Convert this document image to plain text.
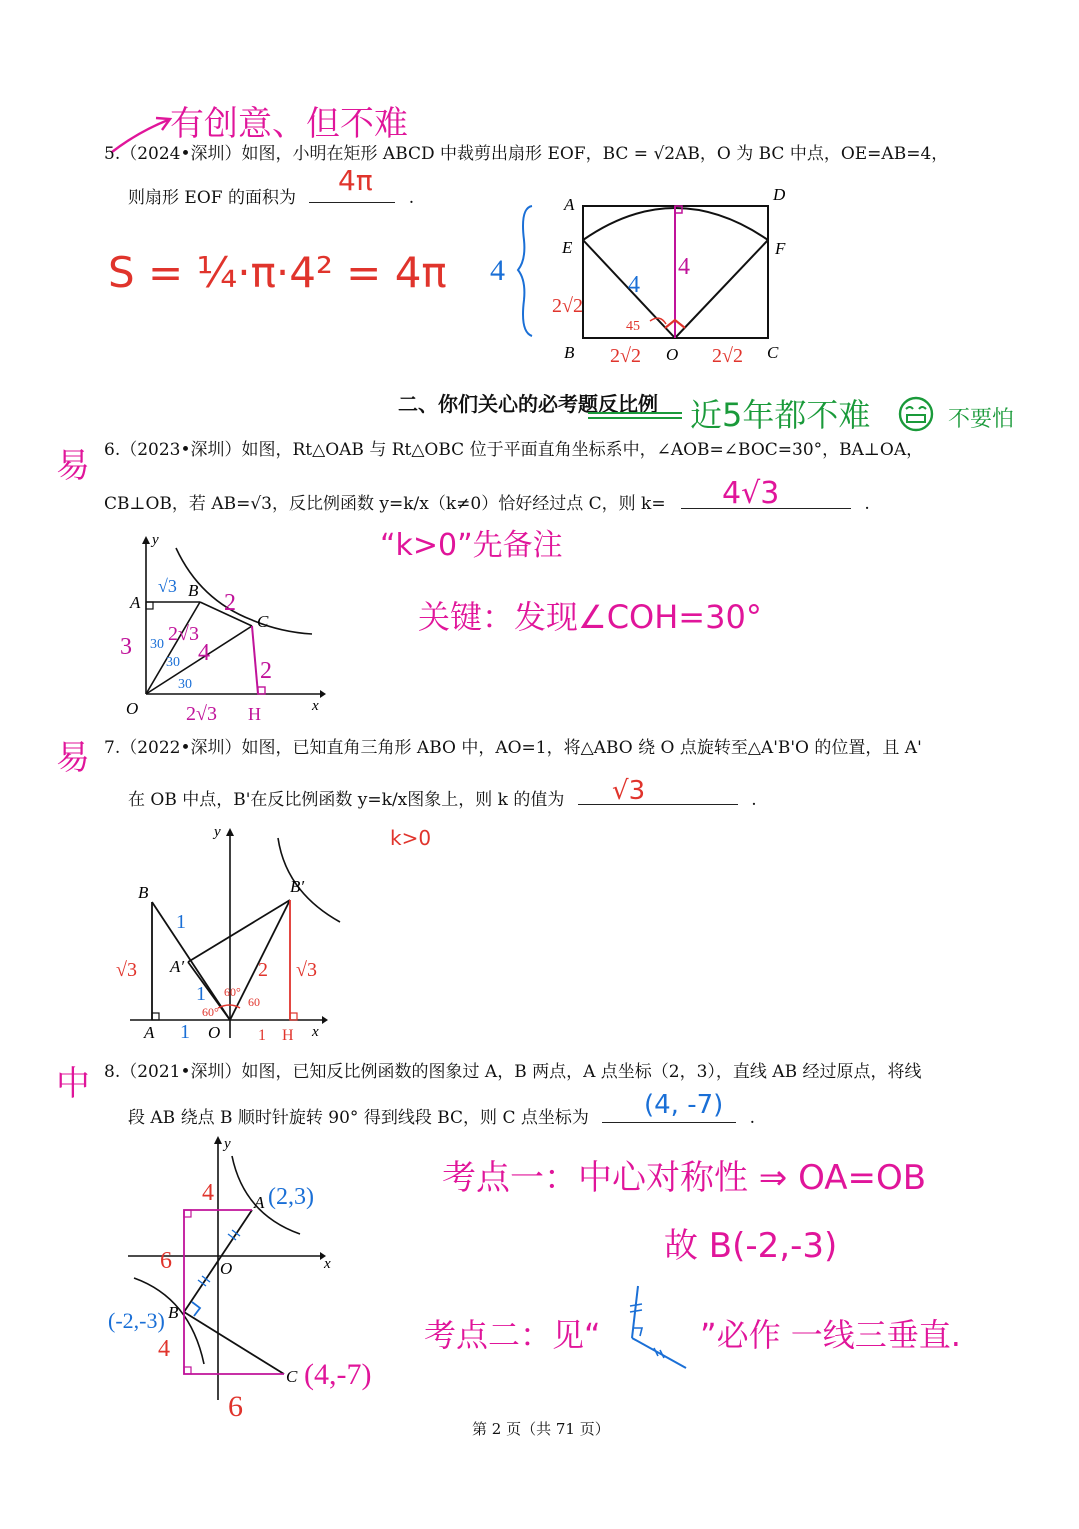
有创意、但不难
5.（2024•深圳）如图，小明在矩形 ABCD 中裁剪出扇形 EOF，BC = √2AB，O 为 BC 中点，OE=AB=4，
则扇形 EOF 的面积为	.
4π
S = ¼·π·4² = 4π
A
D
E	F
B	O	C
4	4
4
2√2
2√2	2√2
45
二、你们关心的必考题反比例 近5年都不难	不要怕
易 6.（2023•深圳）如图，Rt△OAB 与 Rt△OBC 位于平面直角坐标系中，∠AOB=∠BOC=30°，BA⊥OA，
CB⊥OB，若 AB=√3，反比例函数 y=k/x（k≠0）恰好经过点 C，则 k=	.
4√3
“k>0”先备注
关键：发现∠COH=30°
y
x
O
A
B
C
H
√3
2
3 2√3
4
2
2√3
30
30
30
易 7.（2022•深圳）如图，已知直角三角形 ABO 中，AO=1，将△ABO 绕 O 点旋转至△A'B'O 的位置，且 A'
在 OB 中点，B'在反比例函数 y=k/x图象上，则 k 的值为	.
√3
k>0
y
x
O
A
B
A′
B′
H
√3
1
1
1
2
1
√3
60°
60
60°
中 8.（2021•深圳）如图，已知反比例函数的图象过 A，B 两点，A 点坐标（2，3），直线 AB 经过原点，将线
段 AB 绕点 B 顺时针旋转 90° 得到线段 BC，则 C 点坐标为	.
(4, -7)
考点一：中心对称性 ⇒ OA=OB
故 B(-2,-3)
考点二：见“	”必作 一线三垂直.
y
x
O
A
B
C
(2,3)
(-2,-3)
(4,-7)
4
6
4
6
第 2 页（共 71 页）
